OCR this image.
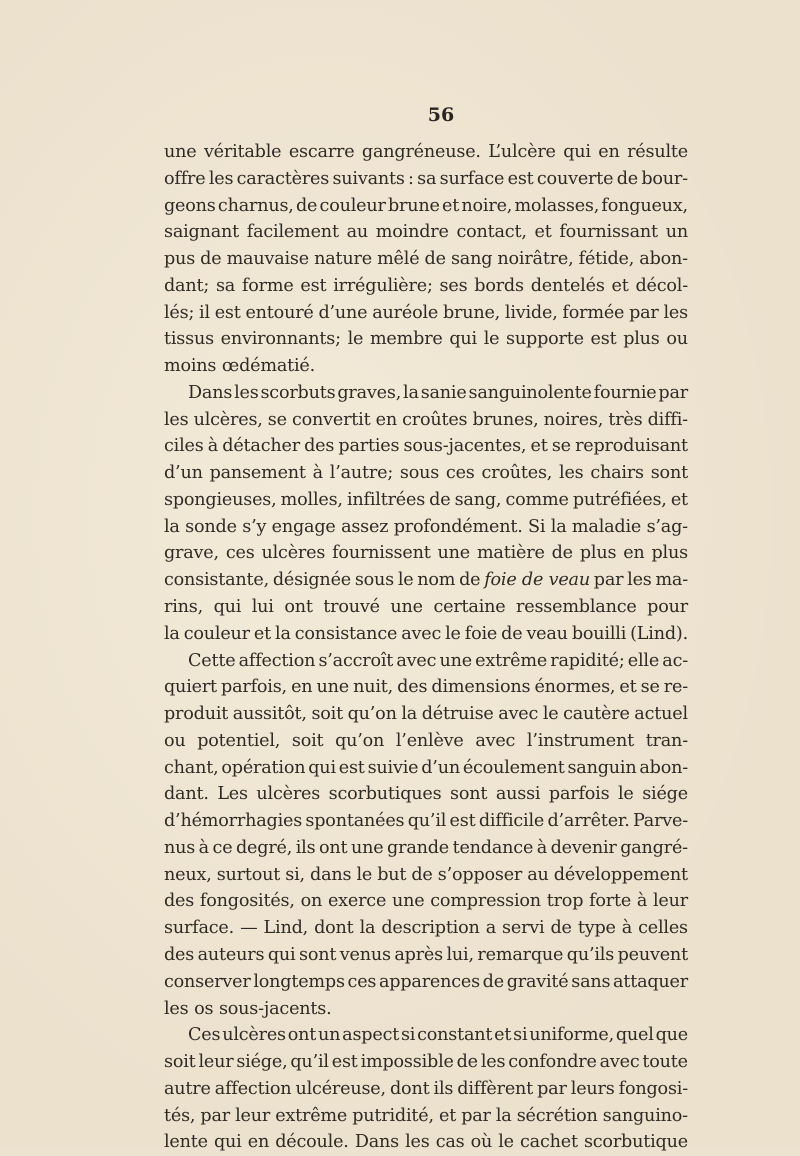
56
une véritable escarre gangréneuse. L’ulcère qui en résulte
offre les caractères suivants : sa surface est couverte de bour-
geons charnus, de couleur brune et noire, molasses, fongueux,
saignant facilement au moindre contact, et fournissant un
pus de mauvaise nature mêlé de sang noirâtre, fétide, abon-
dant; sa forme est irrégulière; ses bords dentelés et décol-
lés; il est entouré d’une auréole brune, livide, formée par les
tissus environnants; le membre qui le supporte est plus ou
moins œdématié.
Dans les scorbuts graves, la sanie sanguinolente fournie par
les ulcères, se convertit en croûtes brunes, noires, très diffi-
ciles à détacher des parties sous-jacentes, et se reproduisant
d’un pansement à l’autre; sous ces croûtes, les chairs sont
spongieuses, molles, infiltrées de sang, comme putréfiées, et
la sonde s’y engage assez profondément. Si la maladie s’ag-
grave, ces ulcères fournissent une matière de plus en plus
consistante, désignée sous le nom de foie de veau par les ma-
rins, qui lui ont trouvé une certaine ressemblance pour
la couleur et la consistance avec le foie de veau bouilli (Lind).
Cette affection s’accroît avec une extrême rapidité; elle ac-
quiert parfois, en une nuit, des dimensions énormes, et se re-
produit aussitôt, soit qu’on la détruise avec le cautère actuel
ou potentiel, soit qu’on l’enlève avec l’instrument tran-
chant, opération qui est suivie d’un écoulement sanguin abon-
dant. Les ulcères scorbutiques sont aussi parfois le siége
d’hémorrhagies spontanées qu’il est difficile d’arrêter. Parve-
nus à ce degré, ils ont une grande tendance à devenir gangré-
neux, surtout si, dans le but de s’opposer au développement
des fongosités, on exerce une compression trop forte à leur
surface. — Lind, dont la description a servi de type à celles
des auteurs qui sont venus après lui, remarque qu’ils peuvent
conserver longtemps ces apparences de gravité sans attaquer
les os sous-jacents.
Ces ulcères ont un aspect si constant et si uniforme, quel que
soit leur siége, qu’il est impossible de les confondre avec toute
autre affection ulcéreuse, dont ils diffèrent par leurs fongosi-
tés, par leur extrême putridité, et par la sécrétion sanguino-
lente qui en découle. Dans les cas où le cachet scorbutique
